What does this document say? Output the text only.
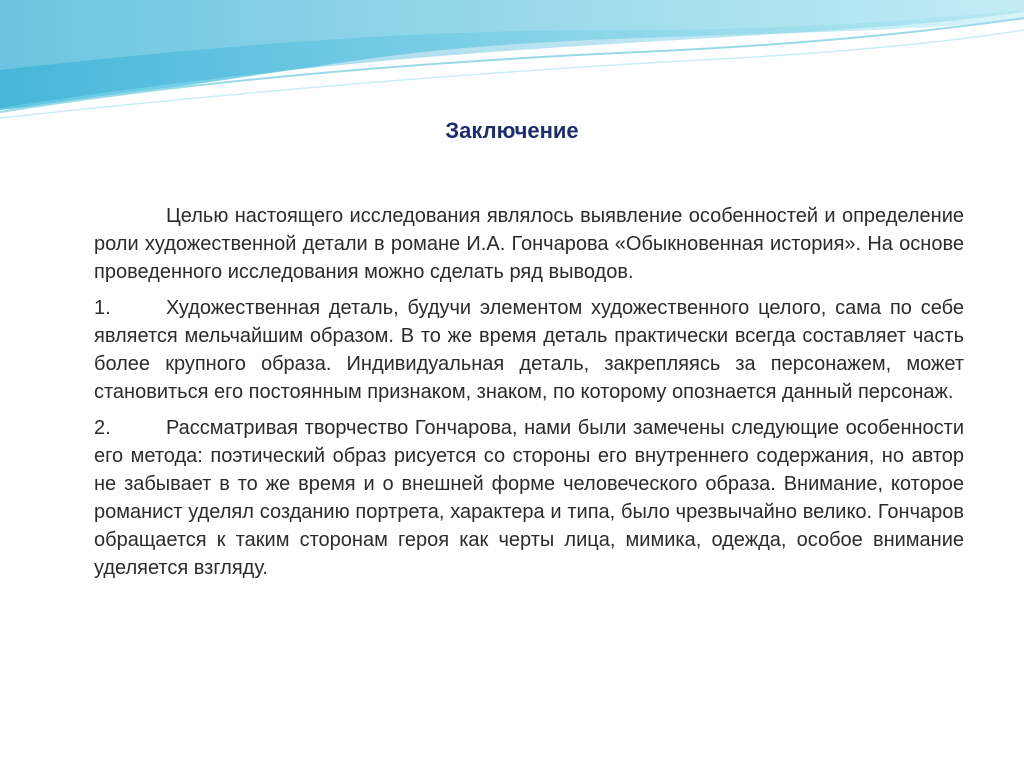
Заключение

Целью настоящего исследования являлось выявление особенностей и определение роли художественной детали в романе И.А. Гончарова «Обыкновенная история». На основе проведенного исследования можно сделать ряд выводов.

1.	Художественная деталь, будучи элементом художественного целого, сама по себе является мельчайшим образом. В то же время деталь практически всегда составляет часть более крупного образа. Индивидуальная деталь, закрепляясь за персонажем, может становиться его постоянным признаком, знаком, по которому опознается данный персонаж.

2.	Рассматривая творчество Гончарова, нами были замечены следующие особенности его метода: поэтический образ рисуется со стороны его внутреннего содержания, но автор не забывает в то же время и о внешней форме человеческого образа. Внимание, которое романист уделял созданию портрета, характера и типа, было чрезвычайно велико. Гончаров обращается к таким сторонам героя как черты лица, мимика, одежда, особое внимание уделяется взгляду.
